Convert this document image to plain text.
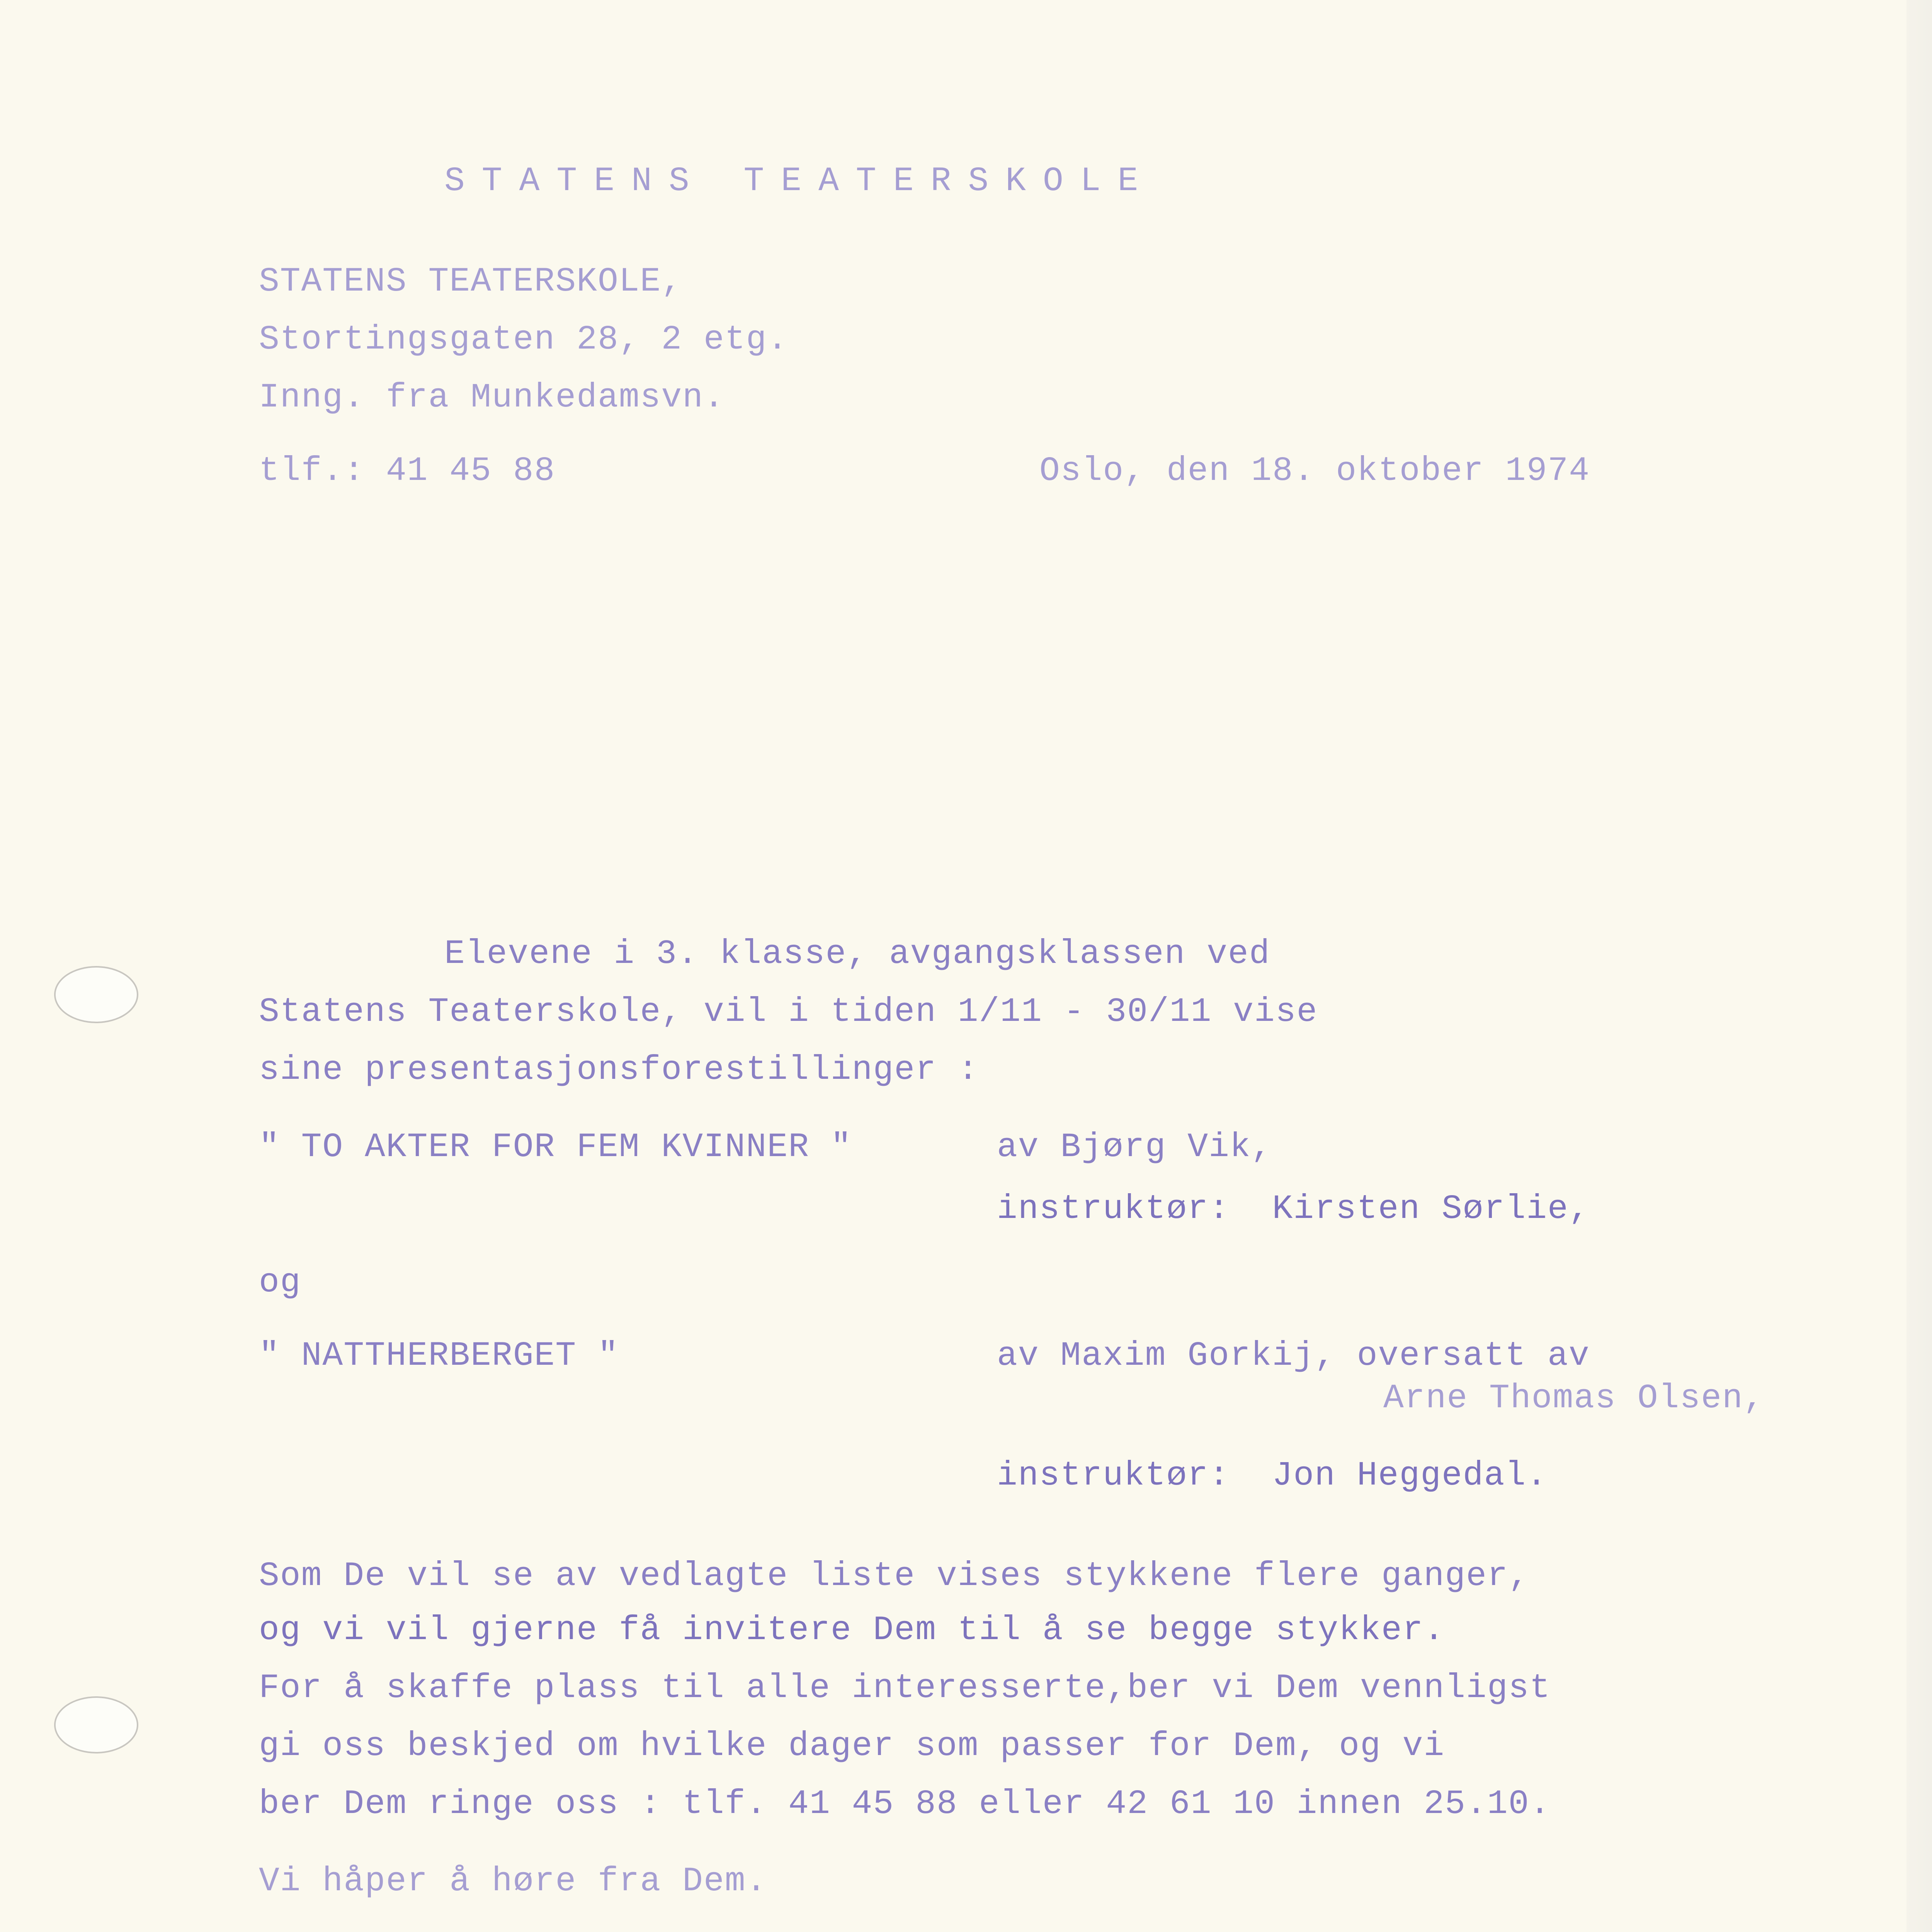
STATENS TEATERSKOLE
STATENS TEATERSKOLE,
Stortingsgaten 28, 2 etg.
Inng. fra Munkedamsvn.
tlf.: 41 45 88	Oslo, den 18. oktober 1974
Elevene i 3. klasse, avgangsklassen ved
Statens Teaterskole, vil i tiden 1/11 - 30/11 vise
sine presentasjonsforestillinger :
" TO AKTER FOR FEM KVINNER "	av Bjørg Vik,
instruktør:  Kirsten Sørlie,
og
" NATTHERBERGET "	av Maxim Gorkij, oversatt av
Arne Thomas Olsen,
instruktør:  Jon Heggedal.
Som De vil se av vedlagte liste vises stykkene flere ganger,
og vi vil gjerne få invitere Dem til å se begge stykker.
For å skaffe plass til alle interesserte,ber vi Dem vennligst
gi oss beskjed om hvilke dager som passer for Dem, og vi
ber Dem ringe oss : tlf. 41 45 88 eller 42 61 10 innen 25.10.
Vi håper å høre fra Dem.
